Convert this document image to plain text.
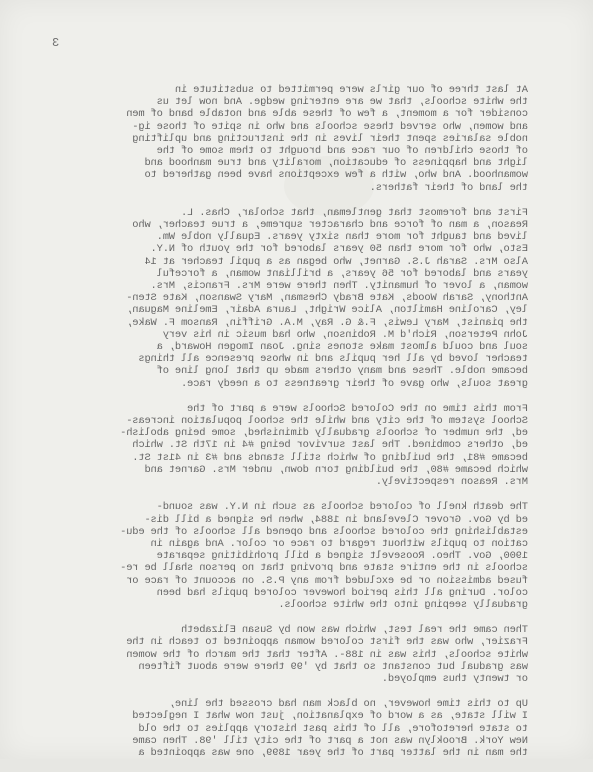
3
At last three of our girls were permitted to substitute in
the white schools, that we are entering wedge. And now let us
consider for a moment, a few of these able and notable band of men
and women, who served these schools and who in spite of those ig-
noble salaries spent their lives in the instructing and uplifting
of those children of our race and brought to them some of the
light and happiness of education, morality and true manhood and
womanhood. And who, with a few exceptions have been gathered to
the land of their fathers.
First and foremost that gentleman, that scholar, Chas. L.
Reason, a man of force and character supreme, a true teacher, who
lived and taught for more than sixty years. Equally noble Wm.
Esto, who for more than 50 years labored for the youth of N.Y.
Also Mrs. Sarah J.S. Garnet, who began as a pupil teacher at 14
years and labored for 56 years, a brilliant woman, a forceful
woman, a lover of humanity. Then there were Mrs. Francis, Mrs.
Anthony, Sarah Woods, Kate Brady Chesman, Mary Swanson, Kate Sten-
ley, Caroline Hamilton, Alice Wright, Laura Adair, Emeline Maguan,
the pianist, Mary Lewis, F.& G. Ray, M.A. Griffin, Ransom F. Wake,
John Peterson, Rich'd M. Robinson, who had music in his very
soul and could almost make stones sing. Joan Imogen Howard, a
teacher loved by all her pupils and in whose presence all things
became noble. These and many others made up that long line of
great souls, who gave of their greatness to a needy race.
From this time on the Colored Schools were a part of the
School system of the city and while the school population increas-
ed, the number of schools gradually diminished, some being abolish-
ed, others combined. The last survivor being #4 in 17th St. which
became #81, the building of which still stands and #3 in 41st St.
which became #80, the building torn down, under Mrs. Garnet and
Mrs. Reason respectively.
The death knell of colored schools as such in N.Y. was sound-
ed by Gov. Grover Cleveland in 1884, when he signed a bill dis-
establishing the colored schools and opened all schools of the edu-
cation to pupils without regard to race or color. And again in
1900, Gov. Theo. Roosevelt signed a bill prohibiting separate
schools in the entire state and proving that no person shall be re-
fused admission or be excluded from any P.S. on account of race or
color. During all this period however colored pupils had been
gradually seeping into the white schools.
Then came the real test, which was won by Susan Elizabeth
Frazier, who was the first colored woman appointed to teach in the
white schools, this was in 188-. After that the march of the women
was gradual but constant so that by '99 there were about fifteen
or twenty thus employed.
Up to this time however, no black man had crossed the line,
I will state, as a word of explanation, just now what I neglected
to state heretofore, all of this past history applies to the old
New York. Brooklyn was not a part of the city till '98. Then came
the man in the latter part of the year 1899, one was appointed a
